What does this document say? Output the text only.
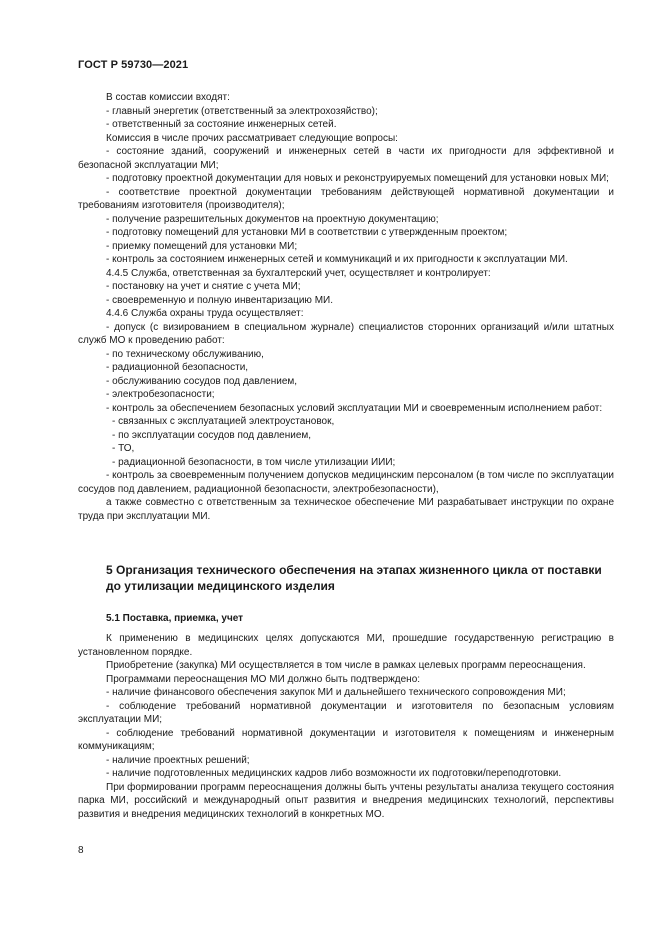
ГОСТ Р 59730—2021

В состав комиссии входят:

- главный энергетик (ответственный за электрохозяйство);

- ответственный за состояние инженерных сетей.

Комиссия в числе прочих рассматривает следующие вопросы:

- состояние зданий, сооружений и инженерных сетей в части их пригодности для эффективной и безопасной эксплуатации МИ;

- подготовку проектной документации для новых и реконструируемых помещений для установки новых МИ;

- соответствие проектной документации требованиям действующей нормативной документации и требованиям изготовителя (производителя);

- получение разрешительных документов на проектную документацию;

- подготовку помещений для установки МИ в соответствии с утвержденным проектом;

- приемку помещений для установки МИ;

- контроль за состоянием инженерных сетей и коммуникаций и их пригодности к эксплуатации МИ.

4.4.5 Служба, ответственная за бухгалтерский учет, осуществляет и контролирует:

- постановку на учет и снятие с учета МИ;

- своевременную и полную инвентаризацию МИ.

4.4.6 Служба охраны труда осуществляет:

- допуск (с визированием в специальном журнале) специалистов сторонних организаций и/или штатных служб МО к проведению работ:

- по техническому обслуживанию,

- радиационной безопасности,

- обслуживанию сосудов под давлением,

- электробезопасности;

- контроль за обеспечением безопасных условий эксплуатации МИ и своевременным исполнением работ:

- связанных с эксплуатацией электроустановок,

- по эксплуатации сосудов под давлением,

- ТО,

- радиационной безопасности, в том числе утилизации ИИИ;

- контроль за своевременным получением допусков медицинским персоналом (в том числе по эксплуатации сосудов под давлением, радиационной безопасности, электробезопасности),

а также совместно с ответственным за техническое обеспечение МИ разрабатывает инструкции по охране труда при эксплуатации МИ.

5 Организация технического обеспечения на этапах жизненного цикла от поставки до утилизации медицинского изделия
5.1 Поставка, приемка, учет

К применению в медицинских целях допускаются МИ, прошедшие государственную регистрацию в установленном порядке.

Приобретение (закупка) МИ осуществляется в том числе в рамках целевых программ переоснащения.

Программами переоснащения МО МИ должно быть подтверждено:

- наличие финансового обеспечения закупок МИ и дальнейшего технического сопровождения МИ;

- соблюдение требований нормативной документации и изготовителя по безопасным условиям эксплуатации МИ;

- соблюдение требований нормативной документации и изготовителя к помещениям и инженерным коммуникациям;

- наличие проектных решений;

- наличие подготовленных медицинских кадров либо возможности их подготовки/переподготовки.

При формировании программ переоснащения должны быть учтены результаты анализа текущего состояния парка МИ, российский и международный опыт развития и внедрения медицинских технологий, перспективы развития и внедрения медицинских технологий в конкретных МО.

8
